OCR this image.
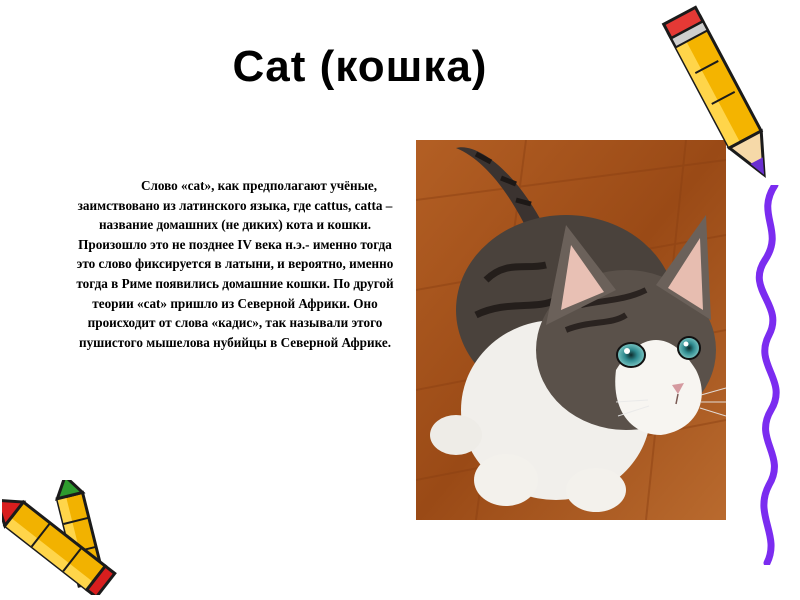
Cat (кошка)
Слово «cat», как предполагают учёные, заимствовано из латинского языка, где cattus, catta – название домашних (не диких) кота и кошки. Произошло это не позднее IV века н.э.- именно тогда это слово фиксируется в латыни, и вероятно, именно тогда в Риме появились домашние кошки. По другой теории «cat» пришло из Северной Африки. Оно происходит от слова «кадис», так называли этого пушистого мышелова нубийцы в Северной Африке.
